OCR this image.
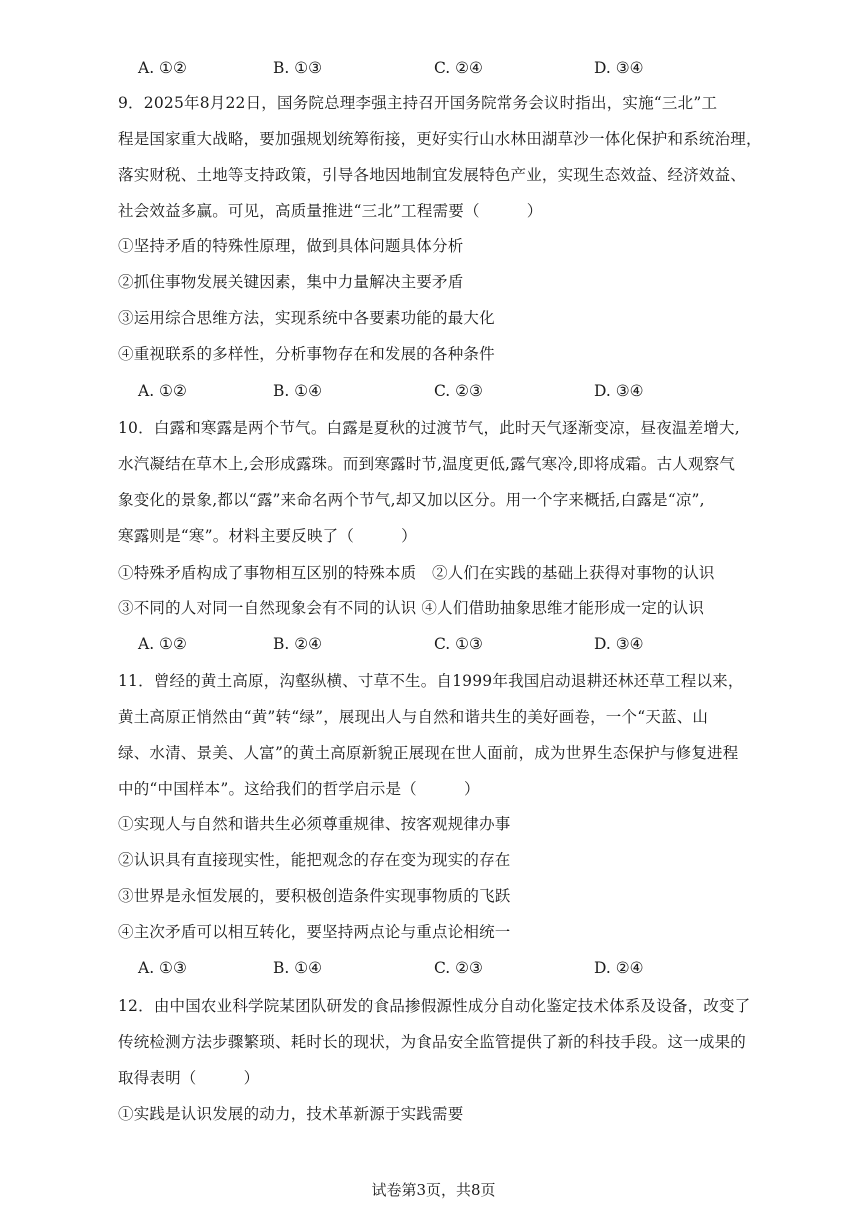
A. ①②	B. ①③	C. ②④	D. ③④
9．2025年8月22日，国务院总理李强主持召开国务院常务会议时指出，实施“三北”工
程是国家重大战略，要加强规划统筹衔接，更好实行山水林田湖草沙一体化保护和系统治理，
落实财税、土地等支持政策，引导各地因地制宜发展特色产业，实现生态效益、经济效益、
社会效益多赢。可见，高质量推进“三北”工程需要（　　　）
①坚持矛盾的特殊性原理，做到具体问题具体分析
②抓住事物发展关键因素，集中力量解决主要矛盾
③运用综合思维方法，实现系统中各要素功能的最大化
④重视联系的多样性，分析事物存在和发展的各种条件
A. ①②	B. ①④	C. ②③	D. ③④
10．白露和寒露是两个节气。白露是夏秋的过渡节气，此时天气逐渐变凉，昼夜温差增大,
水汽凝结在草木上,会形成露珠。而到寒露时节,温度更低,露气寒冷,即将成霜。古人观察气
象变化的景象,都以“露”来命名两个节气,却又加以区分。用一个字来概括,白露是“凉”,
寒露则是“寒”。材料主要反映了（　　　）
①特殊矛盾构成了事物相互区别的特殊本质　②人们在实践的基础上获得对事物的认识
③不同的人对同一自然现象会有不同的认识 ④人们借助抽象思维才能形成一定的认识
A. ①②	B. ②④	C. ①③	D. ③④
11．曾经的黄土高原，沟壑纵横、寸草不生。自1999年我国启动退耕还林还草工程以来，
黄土高原正悄然由“黄”转“绿”，展现出人与自然和谐共生的美好画卷，一个“天蓝、山
绿、水清、景美、人富”的黄土高原新貌正展现在世人面前，成为世界生态保护与修复进程
中的“中国样本”。这给我们的哲学启示是（　　　）
①实现人与自然和谐共生必须尊重规律、按客观规律办事
②认识具有直接现实性，能把观念的存在变为现实的存在
③世界是永恒发展的，要积极创造条件实现事物质的飞跃
④主次矛盾可以相互转化，要坚持两点论与重点论相统一
A. ①③	B. ①④	C. ②③	D. ②④
12．由中国农业科学院某团队研发的食品掺假源性成分自动化鉴定技术体系及设备，改变了
传统检测方法步骤繁琐、耗时长的现状，为食品安全监管提供了新的科技手段。这一成果的
取得表明（　　　）
①实践是认识发展的动力，技术革新源于实践需要
试卷第3页，共8页
